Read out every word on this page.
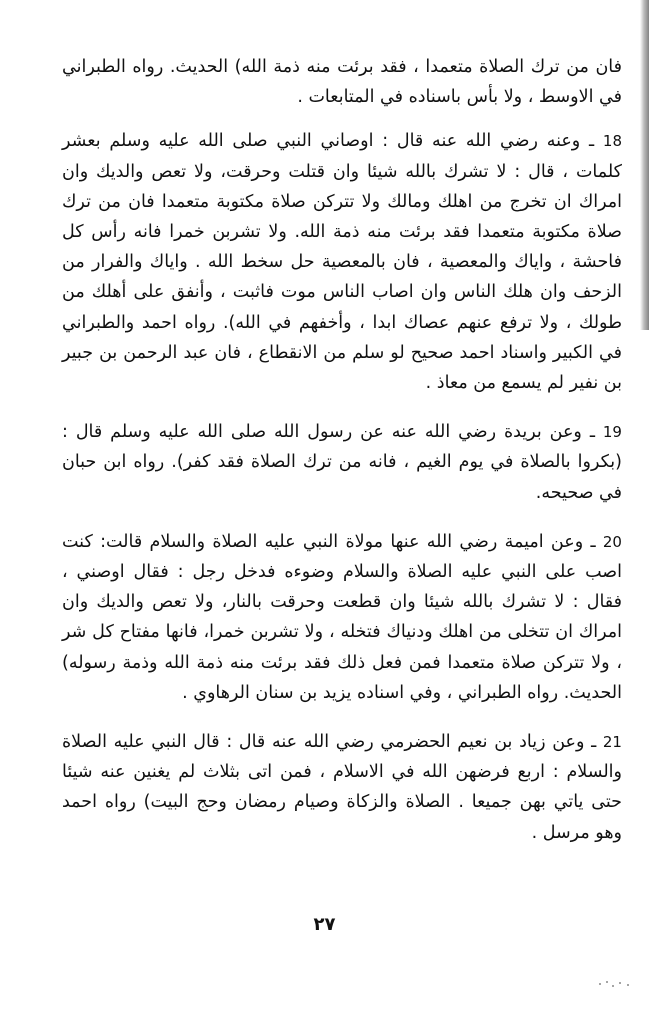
فان من ترك الصلاة متعمدا ، فقد برئت منه ذمة الله) الحديث. رواه الطبراني في الاوسط ، ولا بأس باسناده في المتابعات .

18 ـ وعنه رضي الله عنه قال : اوصاني النبي صلى الله عليه وسلم بعشر كلمات ، قال : لا تشرك بالله شيئا وان قتلت وحرقت، ولا تعص والديك وان امراك ان تخرج من اهلك ومالك ولا تتركن صلاة مكتوبة متعمدا فان من ترك صلاة مكتوبة متعمدا فقد برئت منه ذمة الله. ولا تشربن خمرا فانه رأس كل فاحشة ، واياك والمعصية ، فان بالمعصية حل سخط الله . واياك والفرار من الزحف وان هلك الناس وان اصاب الناس موت فاثبت ، وأنفق على أهلك من طولك ، ولا ترفع عنهم عصاك ابدا ، وأخفهم في الله). رواه احمد والطبراني في الكبير واسناد احمد صحيح لو سلم من الانقطاع ، فان عبد الرحمن بن جبير بن نفير لم يسمع من معاذ .

19 ـ وعن بريدة رضي الله عنه عن رسول الله صلى الله عليه وسلم قال : (بكروا بالصلاة في يوم الغيم ، فانه من ترك الصلاة فقد كفر). رواه ابن حبان في صحيحه.

20 ـ وعن اميمة رضي الله عنها مولاة النبي عليه الصلاة والسلام قالت: كنت اصب على النبي عليه الصلاة والسلام وضوءه فدخل رجل : فقال اوصني ، فقال : لا تشرك بالله شيئا وان قطعت وحرقت بالنار، ولا تعص والديك وان امراك ان تتخلى من اهلك ودنياك فتخله ، ولا تشربن خمرا، فانها مفتاح كل شر ، ولا تتركن صلاة متعمدا فمن فعل ذلك فقد برئت منه ذمة الله وذمة رسوله) الحديث. رواه الطبراني ، وفي اسناده يزيد بن سنان الرهاوي .

21 ـ وعن زياد بن نعيم الحضرمي رضي الله عنه قال : قال النبي عليه الصلاة والسلام : اربع فرضهن الله في الاسلام ، فمن اتى بثلاث لم يغنين عنه شيئا حتى ياتي بهن جميعا . الصلاة والزكاة وصيام رمضان وحج البيت) رواه احمد وهو مرسل .

٢٧
